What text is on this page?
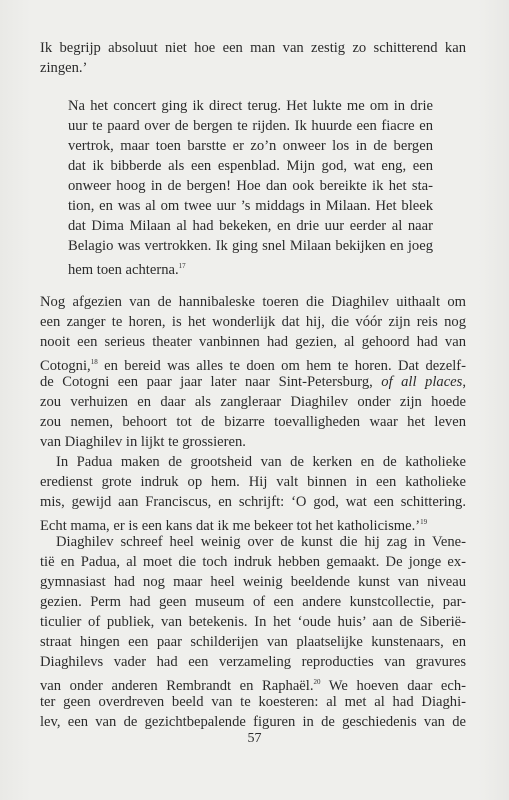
Ik begrijp absoluut niet hoe een man van zestig zo schitterend kan
zingen.’
Na het concert ging ik direct terug. Het lukte me om in drie
uur te paard over de bergen te rijden. Ik huurde een fiacre en
vertrok, maar toen barstte er zo’n onweer los in de bergen
dat ik bibberde als een espenblad. Mijn god, wat eng, een
onweer hoog in de bergen! Hoe dan ook bereikte ik het sta-
tion, en was al om twee uur ’s middags in Milaan. Het bleek
dat Dima Milaan al had bekeken, en drie uur eerder al naar
Belagio was vertrokken. Ik ging snel Milaan bekijken en joeg
hem toen achterna.$^{17}$
Nog afgezien van de hannibaleske toeren die Diaghilev uithaalt om
een zanger te horen, is het wonderlijk dat hij, die vóór zijn reis nog
nooit een serieus theater vanbinnen had gezien, al gehoord had van
Cotogni,$^{18}$ en bereid was alles te doen om hem te horen. Dat dezelf-
de Cotogni een paar jaar later naar Sint-Petersburg, of all places,
zou verhuizen en daar als zangleraar Diaghilev onder zijn hoede
zou nemen, behoort tot de bizarre toevalligheden waar het leven
van Diaghilev in lijkt te grossieren.
In Padua maken de grootsheid van de kerken en de katholieke
eredienst grote indruk op hem. Hij valt binnen in een katholieke
mis, gewijd aan Franciscus, en schrijft: ‘O god, wat een schittering.
Echt mama, er is een kans dat ik me bekeer tot het katholicisme.’$^{19}$
Diaghilev schreef heel weinig over de kunst die hij zag in Vene-
tië en Padua, al moet die toch indruk hebben gemaakt. De jonge ex-
gymnasiast had nog maar heel weinig beeldende kunst van niveau
gezien. Perm had geen museum of een andere kunstcollectie, par-
ticulier of publiek, van betekenis. In het ‘oude huis’ aan de Siberië-
straat hingen een paar schilderijen van plaatselijke kunstenaars, en
Diaghilevs vader had een verzameling reproducties van gravures
van onder anderen Rembrandt en Raphaël.$^{20}$ We hoeven daar ech-
ter geen overdreven beeld van te koesteren: al met al had Diaghi-
lev, een van de gezichtbepalende figuren in de geschiedenis van de
57
